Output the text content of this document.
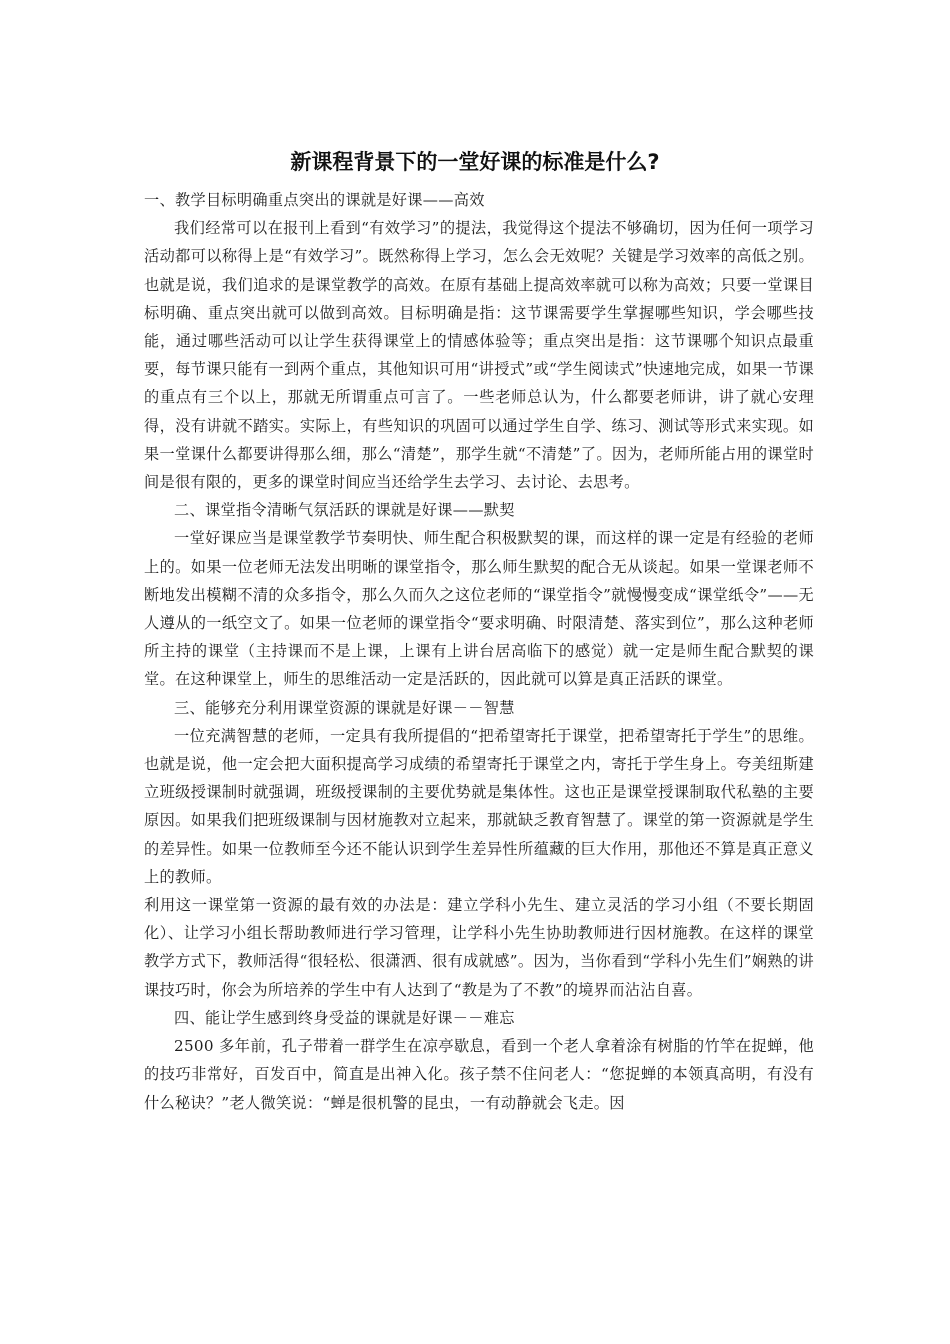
新课程背景下的一堂好课的标准是什么?

一、教学目标明确重点突出的课就是好课——高效

我们经常可以在报刊上看到“有效学习”的提法，我觉得这个提法不够确切，因为任何一项学习活动都可以称得上是“有效学习”。既然称得上学习，怎么会无效呢？关键是学习效率的高低之别。也就是说，我们追求的是课堂教学的高效。在原有基础上提高效率就可以称为高效；只要一堂课目标明确、重点突出就可以做到高效。目标明确是指：这节课需要学生掌握哪些知识，学会哪些技能，通过哪些活动可以让学生获得课堂上的情感体验等；重点突出是指：这节课哪个知识点最重要，每节课只能有一到两个重点，其他知识可用“讲授式”或“学生阅读式”快速地完成，如果一节课的重点有三个以上，那就无所谓重点可言了。一些老师总认为，什么都要老师讲，讲了就心安理得，没有讲就不踏实。实际上，有些知识的巩固可以通过学生自学、练习、测试等形式来实现。如果一堂课什么都要讲得那么细，那么“清楚”，那学生就“不清楚”了。因为，老师所能占用的课堂时间是很有限的，更多的课堂时间应当还给学生去学习、去讨论、去思考。

二、课堂指令清晰气氛活跃的课就是好课——默契

一堂好课应当是课堂教学节奏明快、师生配合积极默契的课，而这样的课一定是有经验的老师上的。如果一位老师无法发出明晰的课堂指令，那么师生默契的配合无从谈起。如果一堂课老师不断地发出模糊不清的众多指令，那么久而久之这位老师的“课堂指令”就慢慢变成“课堂纸令”——无人遵从的一纸空文了。如果一位老师的课堂指令“要求明确、时限清楚、落实到位”，那么这种老师所主持的课堂（主持课而不是上课，上课有上讲台居高临下的感觉）就一定是师生配合默契的课堂。在这种课堂上，师生的思维活动一定是活跃的，因此就可以算是真正活跃的课堂。

三、能够充分利用课堂资源的课就是好课－－智慧

一位充满智慧的老师，一定具有我所提倡的“把希望寄托于课堂，把希望寄托于学生”的思维。也就是说，他一定会把大面积提高学习成绩的希望寄托于课堂之内，寄托于学生身上。夸美纽斯建立班级授课制时就强调，班级授课制的主要优势就是集体性。这也正是课堂授课制取代私塾的主要原因。如果我们把班级课制与因材施教对立起来，那就缺乏教育智慧了。课堂的第一资源就是学生的差异性。如果一位教师至今还不能认识到学生差异性所蕴藏的巨大作用，那他还不算是真正意义上的教师。

利用这一课堂第一资源的最有效的办法是：建立学科小先生、建立灵活的学习小组（不要长期固化）、让学习小组长帮助教师进行学习管理，让学科小先生协助教师进行因材施教。在这样的课堂教学方式下，教师活得“很轻松、很潇洒、很有成就感”。因为，当你看到“学科小先生们”娴熟的讲课技巧时，你会为所培养的学生中有人达到了“教是为了不教”的境界而沾沾自喜。

四、能让学生感到终身受益的课就是好课－－难忘

2500 多年前，孔子带着一群学生在凉亭歇息，看到一个老人拿着涂有树脂的竹竿在捉蝉，他的技巧非常好，百发百中，简直是出神入化。孩子禁不住问老人：“您捉蝉的本领真高明，有没有什么秘诀？”老人微笑说：“蝉是很机警的昆虫，一有动静就会飞走。因
